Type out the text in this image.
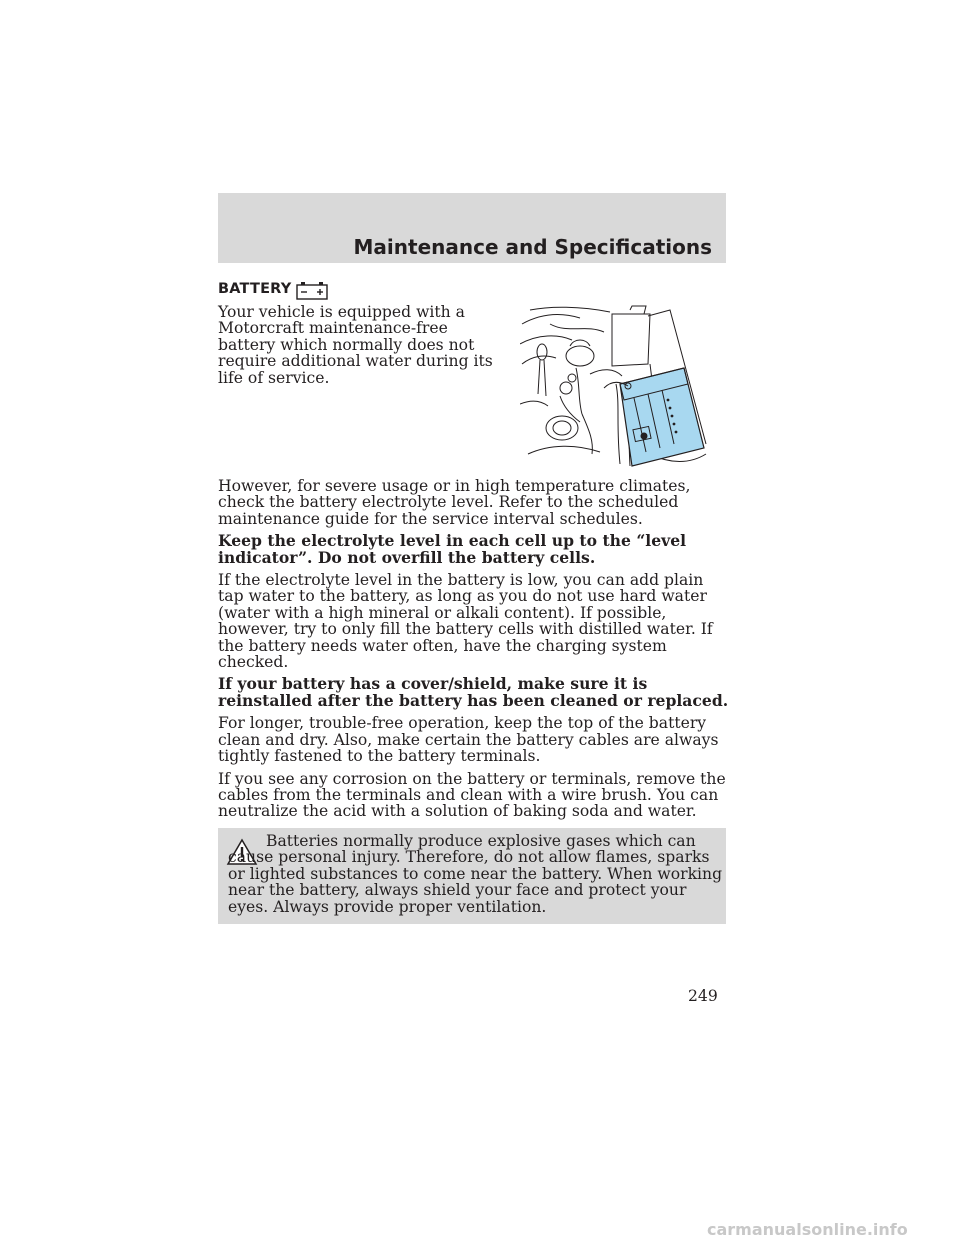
Maintenance and Specifications
BATTERY
Your vehicle is equipped with a Motorcraft maintenance-free battery which normally does not require additional water during its life of service.

However, for severe usage or in high temperature climates, check the battery electrolyte level. Refer to the scheduled maintenance guide for the service interval schedules.

Keep the electrolyte level in each cell up to the “level indicator”. Do not overfill the battery cells.

If the electrolyte level in the battery is low, you can add plain tap water to the battery, as long as you do not use hard water (water with a high mineral or alkali content). If possible, however, try to only fill the battery cells with distilled water. If the battery needs water often, have the charging system checked.

If your battery has a cover/shield, make sure it is reinstalled after the battery has been cleaned or replaced.

For longer, trouble-free operation, keep the top of the battery clean and dry. Also, make certain the battery cables are always tightly fastened to the battery terminals.

If you see any corrosion on the battery or terminals, remove the cables from the terminals and clean with a wire brush. You can neutralize the acid with a solution of baking soda and water.

Batteries normally produce explosive gases which can cause personal injury. Therefore, do not allow flames, sparks or lighted substances to come near the battery. When working near the battery, always shield your face and protect your eyes. Always provide proper ventilation.
249
carmanualsonline.info
